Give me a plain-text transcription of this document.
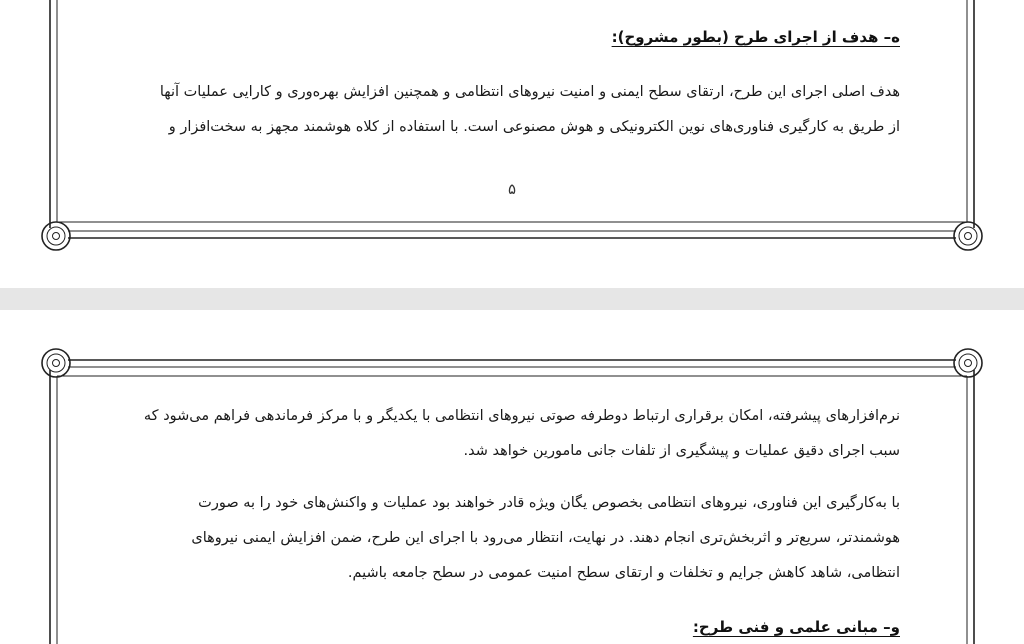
ه– هدف از اجرای طرح (بطور مشروح):
هدف اصلی اجرای این طرح، ارتقای سطح ایمنی و امنیت نیروهای انتظامی و همچنین افزایش بهره‌وری و کارایی عملیات آنها
از طریق به کارگیری فناوری‌های نوین الکترونیکی و هوش مصنوعی است. با استفاده از کلاه هوشمند مجهز به سخت‌افزار و
۵
نرم‌افزارهای پیشرفته، امکان برقراری ارتباط دوطرفه صوتی نیروهای انتظامی با یکدیگر و با مرکز فرماندهی فراهم می‌شود که
سبب اجرای دقیق عملیات و پیشگیری از تلفات جانی مامورین خواهد شد.
با به‌کارگیری این فناوری، نیروهای انتظامی بخصوص یگان ویژه قادر خواهند بود عملیات و واکنش‌های خود را به صورت
هوشمندتر، سریع‌تر و اثربخش‌تری انجام دهند. در نهایت، انتظار می‌رود با اجرای این طرح، ضمن افزایش ایمنی نیروهای
انتظامی، شاهد کاهش جرایم و تخلفات و ارتقای سطح امنیت عمومی در سطح جامعه باشیم.
و– مبانی علمی و فنی طرح:
